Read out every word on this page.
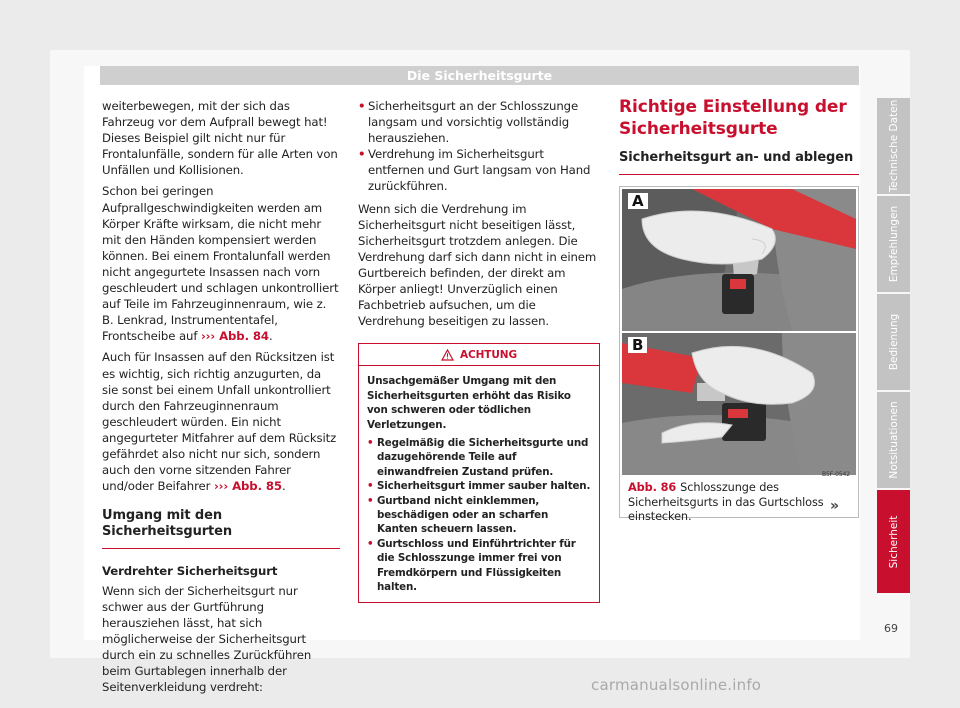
Die Sicherheitsgurte

weiterbewegen, mit der sich das Fahrzeug vor dem Aufprall bewegt hat! Dieses Beispiel gilt nicht nur für Frontalunfälle, sondern für alle Arten von Unfällen und Kollisionen.

Schon bei geringen Aufprallgeschwindigkeiten werden am Körper Kräfte wirksam, die nicht mehr mit den Händen kompensiert werden können. Bei einem Frontalunfall werden nicht angegurtete Insassen nach vorn geschleudert und schlagen unkontrolliert auf Teile im Fahrzeuginnenraum, wie z. B. Lenkrad, Instrumententafel, Frontscheibe auf ››› Abb. 84.

Auch für Insassen auf den Rücksitzen ist es wichtig, sich richtig anzugurten, da sie sonst bei einem Unfall unkontrolliert durch den Fahrzeuginnenraum geschleudert würden. Ein nicht angegurteter Mitfahrer auf dem Rücksitz gefährdet also nicht nur sich, sondern auch den vorne sitzenden Fahrer und/oder Beifahrer ››› Abb. 85.

Umgang mit den Sicherheitsgurten
Verdrehter Sicherheitsgurt

Wenn sich der Sicherheitsgurt nur schwer aus der Gurtführung herausziehen lässt, hat sich möglicherweise der Sicherheitsgurt durch ein zu schnelles Zurückführen beim Gurtablegen innerhalb der Seitenverkleidung verdreht:

• Sicherheitsgurt an der Schlosszunge langsam und vorsichtig vollständig herausziehen.
• Verdrehung im Sicherheitsgurt entfernen und Gurt langsam von Hand zurückführen.

Wenn sich die Verdrehung im Sicherheitsgurt nicht beseitigen lässt, Sicherheitsgurt trotzdem anlegen. Die Verdrehung darf sich dann nicht in einem Gurtbereich befinden, der direkt am Körper anliegt! Unverzüglich einen Fachbetrieb aufsuchen, um die Verdrehung beseitigen zu lassen.

ACHTUNG

Unsachgemäßer Umgang mit den Sicherheitsgurten erhöht das Risiko von schweren oder tödlichen Verletzungen.

• Regelmäßig die Sicherheitsgurte und dazugehörende Teile auf einwandfreien Zustand prüfen.
• Sicherheitsgurt immer sauber halten.
• Gurtband nicht einklemmen, beschädigen oder an scharfen Kanten scheuern lassen.
• Gurtschloss und Einführtrichter für die Schlosszunge immer frei von Fremdkörpern und Flüssigkeiten halten.
Richtige Einstellung der Sicherheitsgurte
Sicherheitsgurt an- und ablegen
A
B
B5F-0542
Abb. 86 Schlosszunge des Sicherheitsgurts in das Gurtschloss einstecken.
»
Technische Daten
Empfehlungen
Bedienung
Notsituationen
Sicherheit
69
carmanualsonline.info
